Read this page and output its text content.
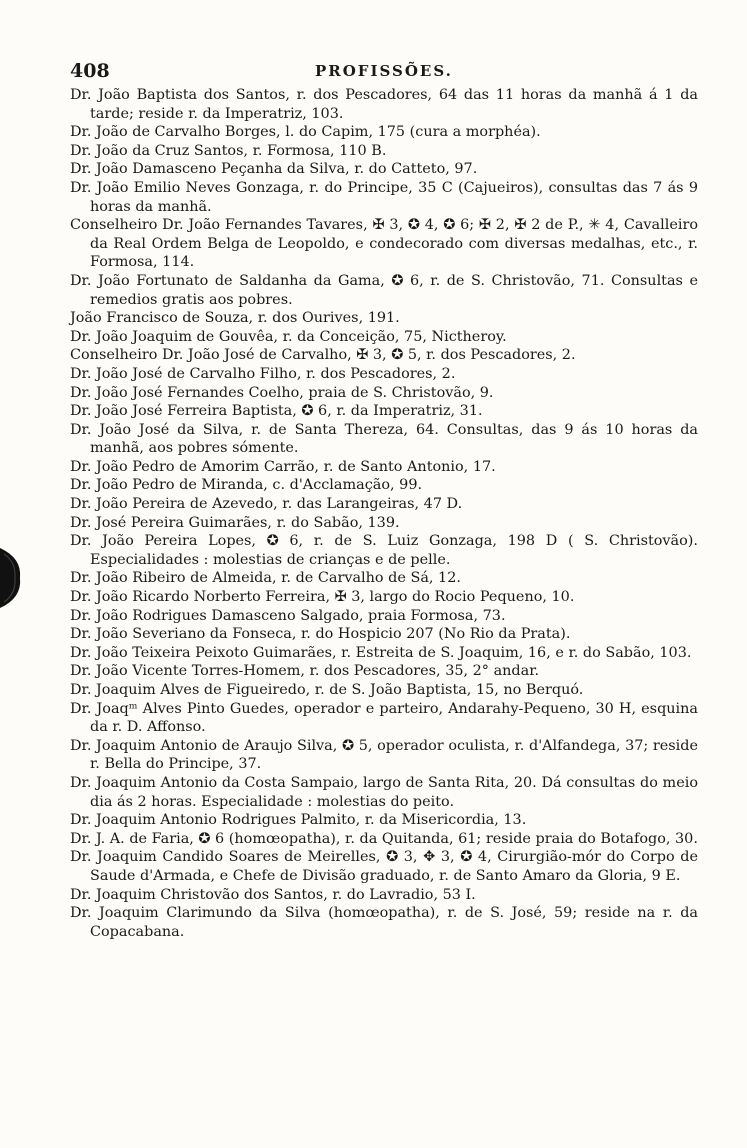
408	PROFISSÕES.

Dr. João Baptista dos Santos, r. dos Pescadores, 64 das 11 horas da manhã á 1 da tarde; reside r. da Imperatriz, 103.

Dr. João de Carvalho Borges, l. do Capim, 175 (cura a morphéa).

Dr. João da Cruz Santos, r. Formosa, 110 B.

Dr. João Damasceno Peçanha da Silva, r. do Catteto, 97.

Dr. João Emilio Neves Gonzaga, r. do Principe, 35 C (Cajueiros), consultas das 7 ás 9 horas da manhã.

Conselheiro Dr. João Fernandes Tavares, ✠ 3, ✪ 4, ✪ 6; ✠ 2, ✠ 2 de P., ✳ 4, Cavalleiro da Real Ordem Belga de Leopoldo, e condecorado com diversas medalhas, etc., r. Formosa, 114.

Dr. João Fortunato de Saldanha da Gama, ✪ 6, r. de S. Christovão, 71. Consultas e remedios gratis aos pobres.

João Francisco de Souza, r. dos Ourives, 191.

Dr. João Joaquim de Gouvêa, r. da Conceição, 75, Nictheroy.

Conselheiro Dr. João José de Carvalho, ✠ 3, ✪ 5, r. dos Pescadores, 2.

Dr. João José de Carvalho Filho, r. dos Pescadores, 2.

Dr. João José Fernandes Coelho, praia de S. Christovão, 9.

Dr. João José Ferreira Baptista, ✪ 6, r. da Imperatriz, 31.

Dr. João José da Silva, r. de Santa Thereza, 64. Consultas, das 9 ás 10 horas da manhã, aos pobres sómente.

Dr. João Pedro de Amorim Carrão, r. de Santo Antonio, 17.

Dr. João Pedro de Miranda, c. d'Acclamação, 99.

Dr. João Pereira de Azevedo, r. das Larangeiras, 47 D.

Dr. José Pereira Guimarães, r. do Sabão, 139.

Dr. João Pereira Lopes, ✪ 6, r. de S. Luiz Gonzaga, 198 D ( S. Christovão). Especialidades : molestias de crianças e de pelle.

Dr. João Ribeiro de Almeida, r. de Carvalho de Sá, 12.

Dr. João Ricardo Norberto Ferreira, ✠ 3, largo do Rocio Pequeno, 10.

Dr. João Rodrigues Damasceno Salgado, praia Formosa, 73.

Dr. João Severiano da Fonseca, r. do Hospicio 207 (No Rio da Prata).

Dr. João Teixeira Peixoto Guimarães, r. Estreita de S. Joaquim, 16, e r. do Sabão, 103.

Dr. João Vicente Torres-Homem, r. dos Pescadores, 35, 2° andar.

Dr. Joaquim Alves de Figueiredo, r. de S. João Baptista, 15, no Berquó.

Dr. Joaqᵐ Alves Pinto Guedes, operador e parteiro, Andarahy-Pequeno, 30 H, esquina da r. D. Affonso.

Dr. Joaquim Antonio de Araujo Silva, ✪ 5, operador oculista, r. d'Alfandega, 37; reside r. Bella do Principe, 37.

Dr. Joaquim Antonio da Costa Sampaio, largo de Santa Rita, 20. Dá consultas do meio dia ás 2 horas. Especialidade : molestias do peito.

Dr. Joaquim Antonio Rodrigues Palmito, r. da Misericordia, 13.

Dr. J. A. de Faria, ✪ 6 (homœopatha), r. da Quitanda, 61; reside praia do Botafogo, 30.

Dr. Joaquim Candido Soares de Meirelles, ✪ 3, ✥ 3, ✪ 4, Cirurgião-mór do Corpo de Saude d'Armada, e Chefe de Divisão graduado, r. de Santo Amaro da Gloria, 9 E.

Dr. Joaquim Christovão dos Santos, r. do Lavradio, 53 I.

Dr. Joaquim Clarimundo da Silva (homœopatha), r. de S. José, 59; reside na r. da Copacabana.
